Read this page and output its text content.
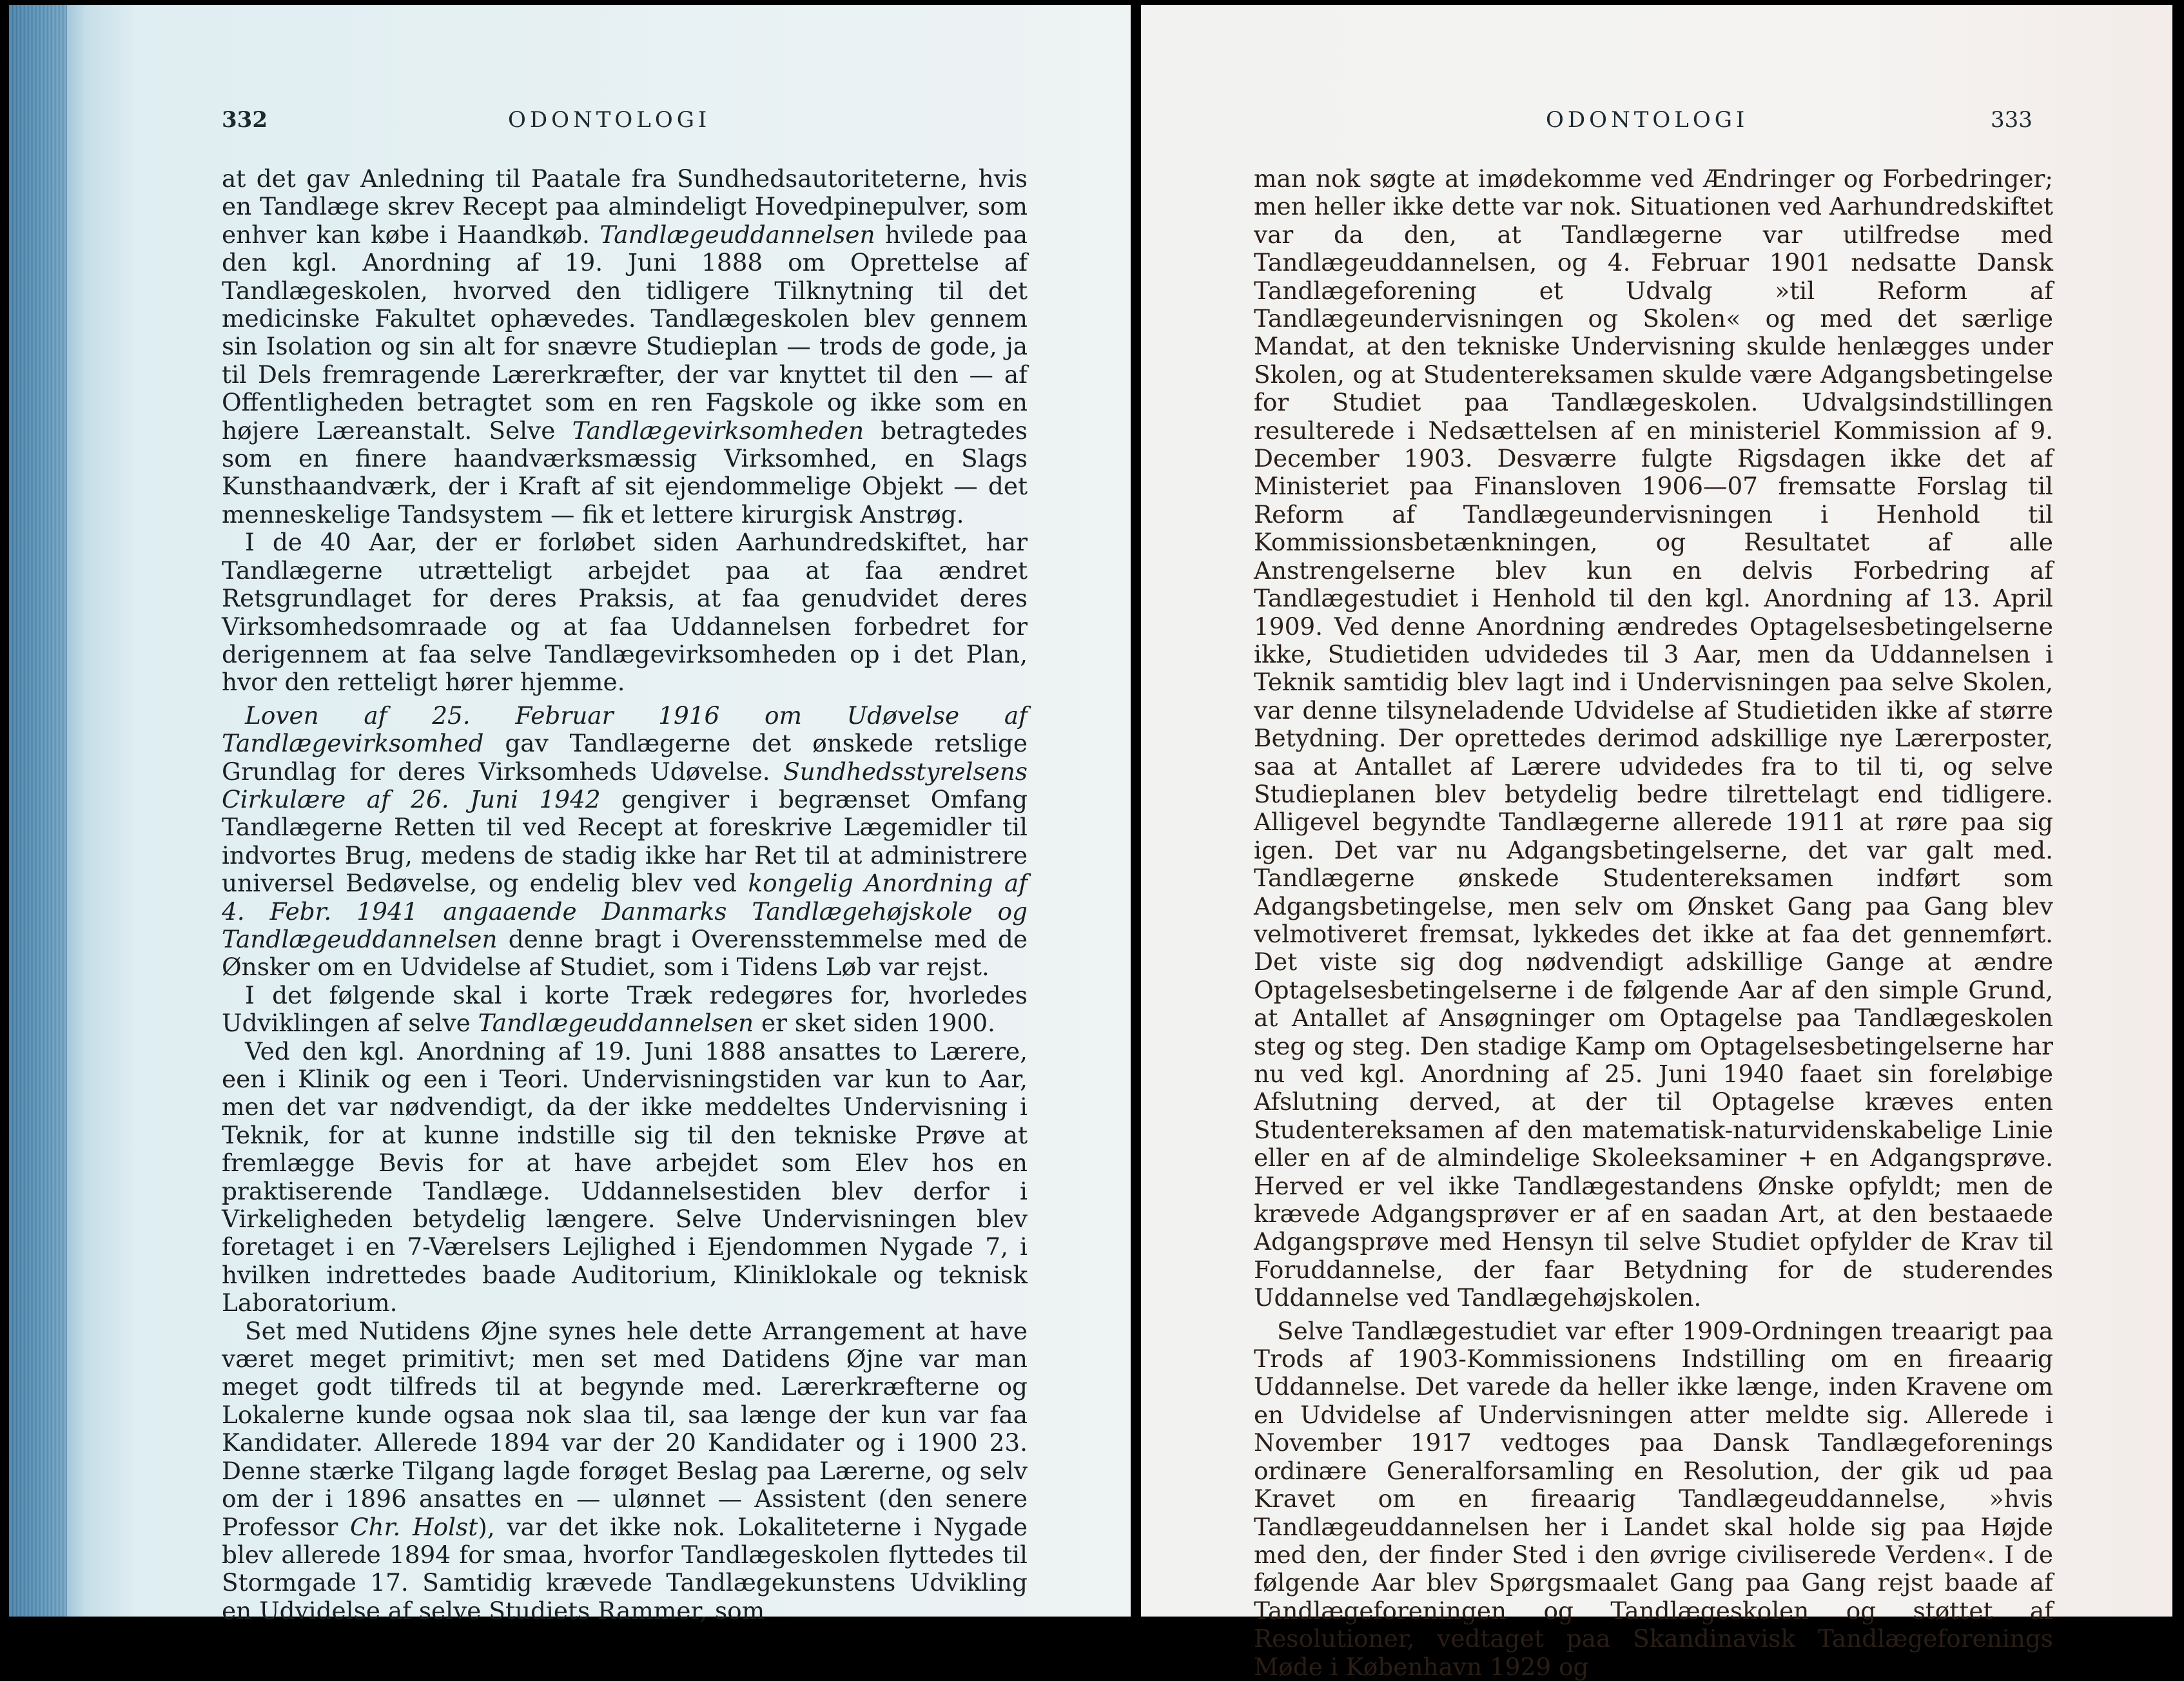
332	ODONTOLOGI

at det gav Anledning til Paatale fra Sundhedsautoriteterne, hvis en Tandlæge skrev Recept paa almindeligt Hovedpinepulver, som enhver kan købe i Haandkøb. Tandlægeuddannelsen hvilede paa den kgl. Anordning af 19. Juni 1888 om Oprettelse af Tandlægeskolen, hvorved den tidligere Tilknytning til det medicinske Fakultet ophævedes. Tandlægeskolen blev gennem sin Isolation og sin alt for snævre Studieplan — trods de gode, ja til Dels fremragende Lærerkræfter, der var knyttet til den — af Offentligheden betragtet som en ren Fagskole og ikke som en højere Læreanstalt. Selve Tandlægevirksomheden betragtedes som en finere haandværksmæssig Virksomhed, en Slags Kunsthaandværk, der i Kraft af sit ejendommelige Objekt — det menneskelige Tandsystem — fik et lettere kirurgisk Anstrøg.

I de 40 Aar, der er forløbet siden Aarhundredskiftet, har Tandlægerne utrætteligt arbejdet paa at faa ændret Retsgrundlaget for deres Praksis, at faa genudvidet deres Virksomhedsomraade og at faa Uddannelsen forbedret for derigennem at faa selve Tandlægevirksomheden op i det Plan, hvor den retteligt hører hjemme.

Loven af 25. Februar 1916 om Udøvelse af Tandlægevirksomhed gav Tandlægerne det ønskede retslige Grundlag for deres Virksomheds Udøvelse. Sundhedsstyrelsens Cirkulære af 26. Juni 1942 gengiver i begrænset Omfang Tandlægerne Retten til ved Recept at foreskrive Lægemidler til indvortes Brug, medens de stadig ikke har Ret til at administrere universel Bedøvelse, og endelig blev ved kongelig Anordning af 4. Febr. 1941 angaaende Danmarks Tandlægehøjskole og Tandlægeuddannelsen denne bragt i Overensstemmelse med de Ønsker om en Udvidelse af Studiet, som i Tidens Løb var rejst.

I det følgende skal i korte Træk redegøres for, hvorledes Udviklingen af selve Tandlægeuddannelsen er sket siden 1900.

Ved den kgl. Anordning af 19. Juni 1888 ansattes to Lærere, een i Klinik og een i Teori. Undervisningstiden var kun to Aar, men det var nødvendigt, da der ikke meddeltes Undervisning i Teknik, for at kunne indstille sig til den tekniske Prøve at fremlægge Bevis for at have arbejdet som Elev hos en praktiserende Tandlæge. Uddannelsestiden blev derfor i Virkeligheden betydelig længere. Selve Undervisningen blev foretaget i en 7-Værelsers Lejlighed i Ejendommen Nygade 7, i hvilken indrettedes baade Auditorium, Kliniklokale og teknisk Laboratorium.

Set med Nutidens Øjne synes hele dette Arrangement at have været meget primitivt; men set med Datidens Øjne var man meget godt tilfreds til at begynde med. Lærerkræfterne og Lokalerne kunde ogsaa nok slaa til, saa længe der kun var faa Kandidater. Allerede 1894 var der 20 Kandidater og i 1900 23. Denne stærke Tilgang lagde forøget Beslag paa Lærerne, og selv om der i 1896 ansattes en — ulønnet — Assistent (den senere Professor Chr. Holst), var det ikke nok. Lokaliteterne i Nygade blev allerede 1894 for smaa, hvorfor Tandlægeskolen flyttedes til Stormgade 17. Samtidig krævede Tandlægekunstens Udvikling en Udvidelse af selve Studiets Rammer, som

ODONTOLOGI	333

man nok søgte at imødekomme ved Ændringer og Forbedringer; men heller ikke dette var nok. Situationen ved Aarhundredskiftet var da den, at Tandlægerne var utilfredse med Tandlægeuddannelsen, og 4. Februar 1901 nedsatte Dansk Tandlægeforening et Udvalg »til Reform af Tandlægeundervisningen og Skolen« og med det særlige Mandat, at den tekniske Undervisning skulde henlægges under Skolen, og at Studentereksamen skulde være Adgangsbetingelse for Studiet paa Tandlægeskolen. Udvalgsindstillingen resulterede i Nedsættelsen af en ministeriel Kommission af 9. December 1903. Desværre fulgte Rigsdagen ikke det af Ministeriet paa Finansloven 1906—07 fremsatte Forslag til Reform af Tandlægeundervisningen i Henhold til Kommissionsbetænkningen, og Resultatet af alle Anstrengelserne blev kun en delvis Forbedring af Tandlægestudiet i Henhold til den kgl. Anordning af 13. April 1909. Ved denne Anordning ændredes Optagelsesbetingelserne ikke, Studietiden udvidedes til 3 Aar, men da Uddannelsen i Teknik samtidig blev lagt ind i Undervisningen paa selve Skolen, var denne tilsyneladende Udvidelse af Studietiden ikke af større Betydning. Der oprettedes derimod adskillige nye Lærerposter, saa at Antallet af Lærere udvidedes fra to til ti, og selve Studieplanen blev betydelig bedre tilrettelagt end tidligere. Alligevel begyndte Tandlægerne allerede 1911 at røre paa sig igen. Det var nu Adgangsbetingelserne, det var galt med. Tandlægerne ønskede Studentereksamen indført som Adgangsbetingelse, men selv om Ønsket Gang paa Gang blev velmotiveret fremsat, lykkedes det ikke at faa det gennemført. Det viste sig dog nødvendigt adskillige Gange at ændre Optagelsesbetingelserne i de følgende Aar af den simple Grund, at Antallet af Ansøgninger om Optagelse paa Tandlægeskolen steg og steg. Den stadige Kamp om Optagelsesbetingelserne har nu ved kgl. Anordning af 25. Juni 1940 faaet sin foreløbige Afslutning derved, at der til Optagelse kræves enten Studentereksamen af den matematisk-naturvidenskabelige Linie eller en af de almindelige Skoleeksaminer + en Adgangsprøve. Herved er vel ikke Tandlægestandens Ønske opfyldt; men de krævede Adgangsprøver er af en saadan Art, at den bestaaede Adgangsprøve med Hensyn til selve Studiet opfylder de Krav til Foruddannelse, der faar Betydning for de studerendes Uddannelse ved Tandlægehøjskolen.

Selve Tandlægestudiet var efter 1909-Ordningen treaarigt paa Trods af 1903-Kommissionens Indstilling om en fireaarig Uddannelse. Det varede da heller ikke længe, inden Kravene om en Udvidelse af Undervisningen atter meldte sig. Allerede i November 1917 vedtoges paa Dansk Tandlægeforenings ordinære Generalforsamling en Resolution, der gik ud paa Kravet om en fireaarig Tandlægeuddannelse, »hvis Tandlægeuddannelsen her i Landet skal holde sig paa Højde med den, der finder Sted i den øvrige civiliserede Verden«. I de følgende Aar blev Spørgsmaalet Gang paa Gang rejst baade af Tandlægeforeningen og Tandlægeskolen og støttet af Resolutioner, vedtaget paa Skandinavisk Tandlægeforenings Møde i København 1929 og
